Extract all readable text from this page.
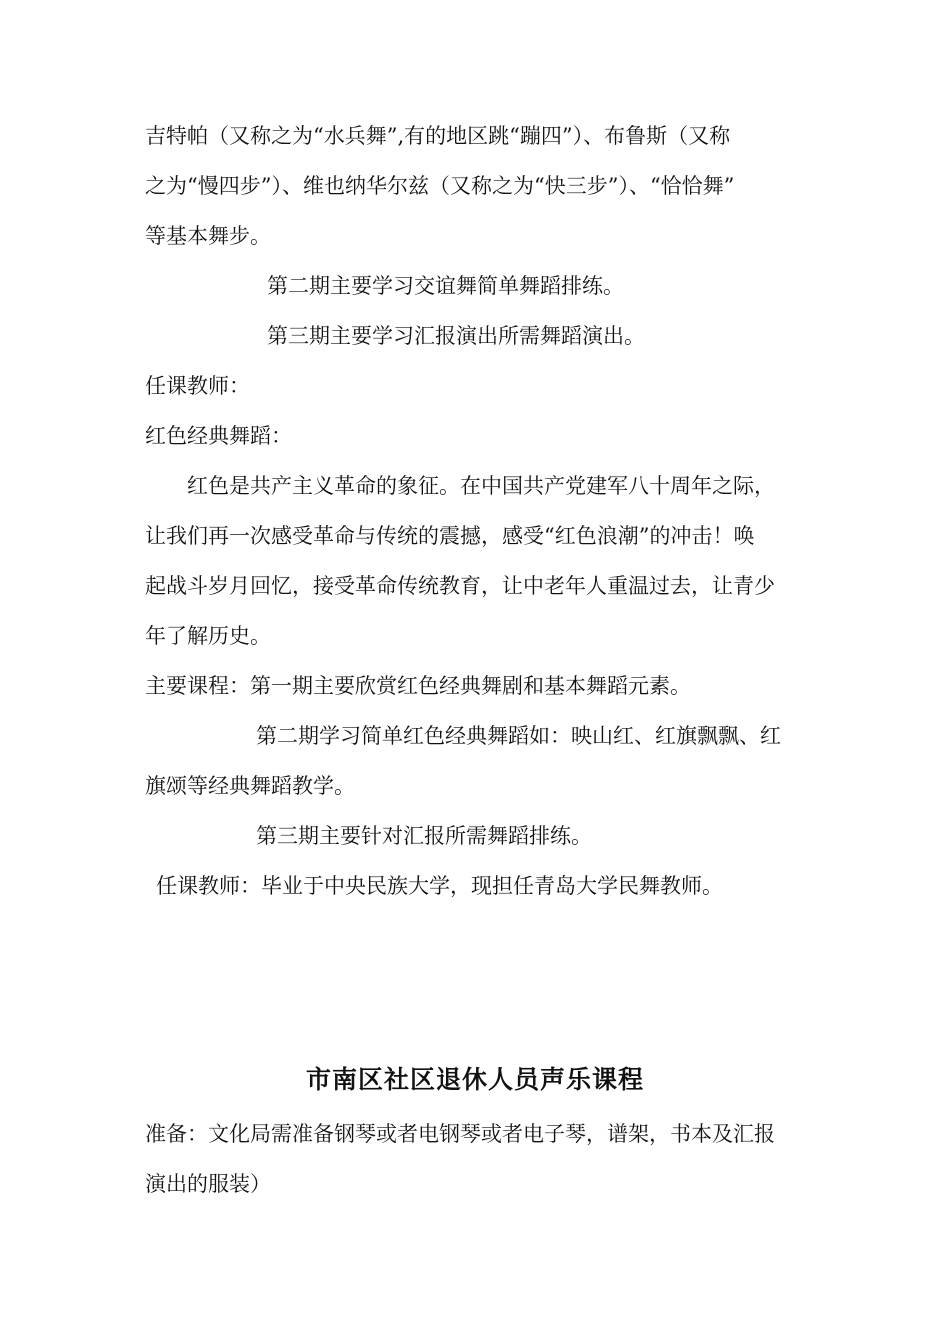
吉特帕（又称之为“水兵舞”,有的地区跳“蹦四”）、布鲁斯（又称

之为“慢四步”）、维也纳华尔兹（又称之为“快三步”）、“恰恰舞”

等基本舞步。

第二期主要学习交谊舞简单舞蹈排练。

第三期主要学习汇报演出所需舞蹈演出。

任课教师：

红色经典舞蹈：

红色是共产主义革命的象征。在中国共产党建军八十周年之际，

让我们再一次感受革命与传统的震撼，感受“红色浪潮”的冲击！唤

起战斗岁月回忆，接受革命传统教育，让中老年人重温过去，让青少

年了解历史。

主要课程：第一期主要欣赏红色经典舞剧和基本舞蹈元素。

第二期学习简单红色经典舞蹈如：映山红、红旗飘飘、红

旗颂等经典舞蹈教学。

第三期主要针对汇报所需舞蹈排练。

任课教师：毕业于中央民族大学，现担任青岛大学民舞教师。

市南区社区退休人员声乐课程

准备：文化局需准备钢琴或者电钢琴或者电子琴，谱架，书本及汇报

演出的服装）
